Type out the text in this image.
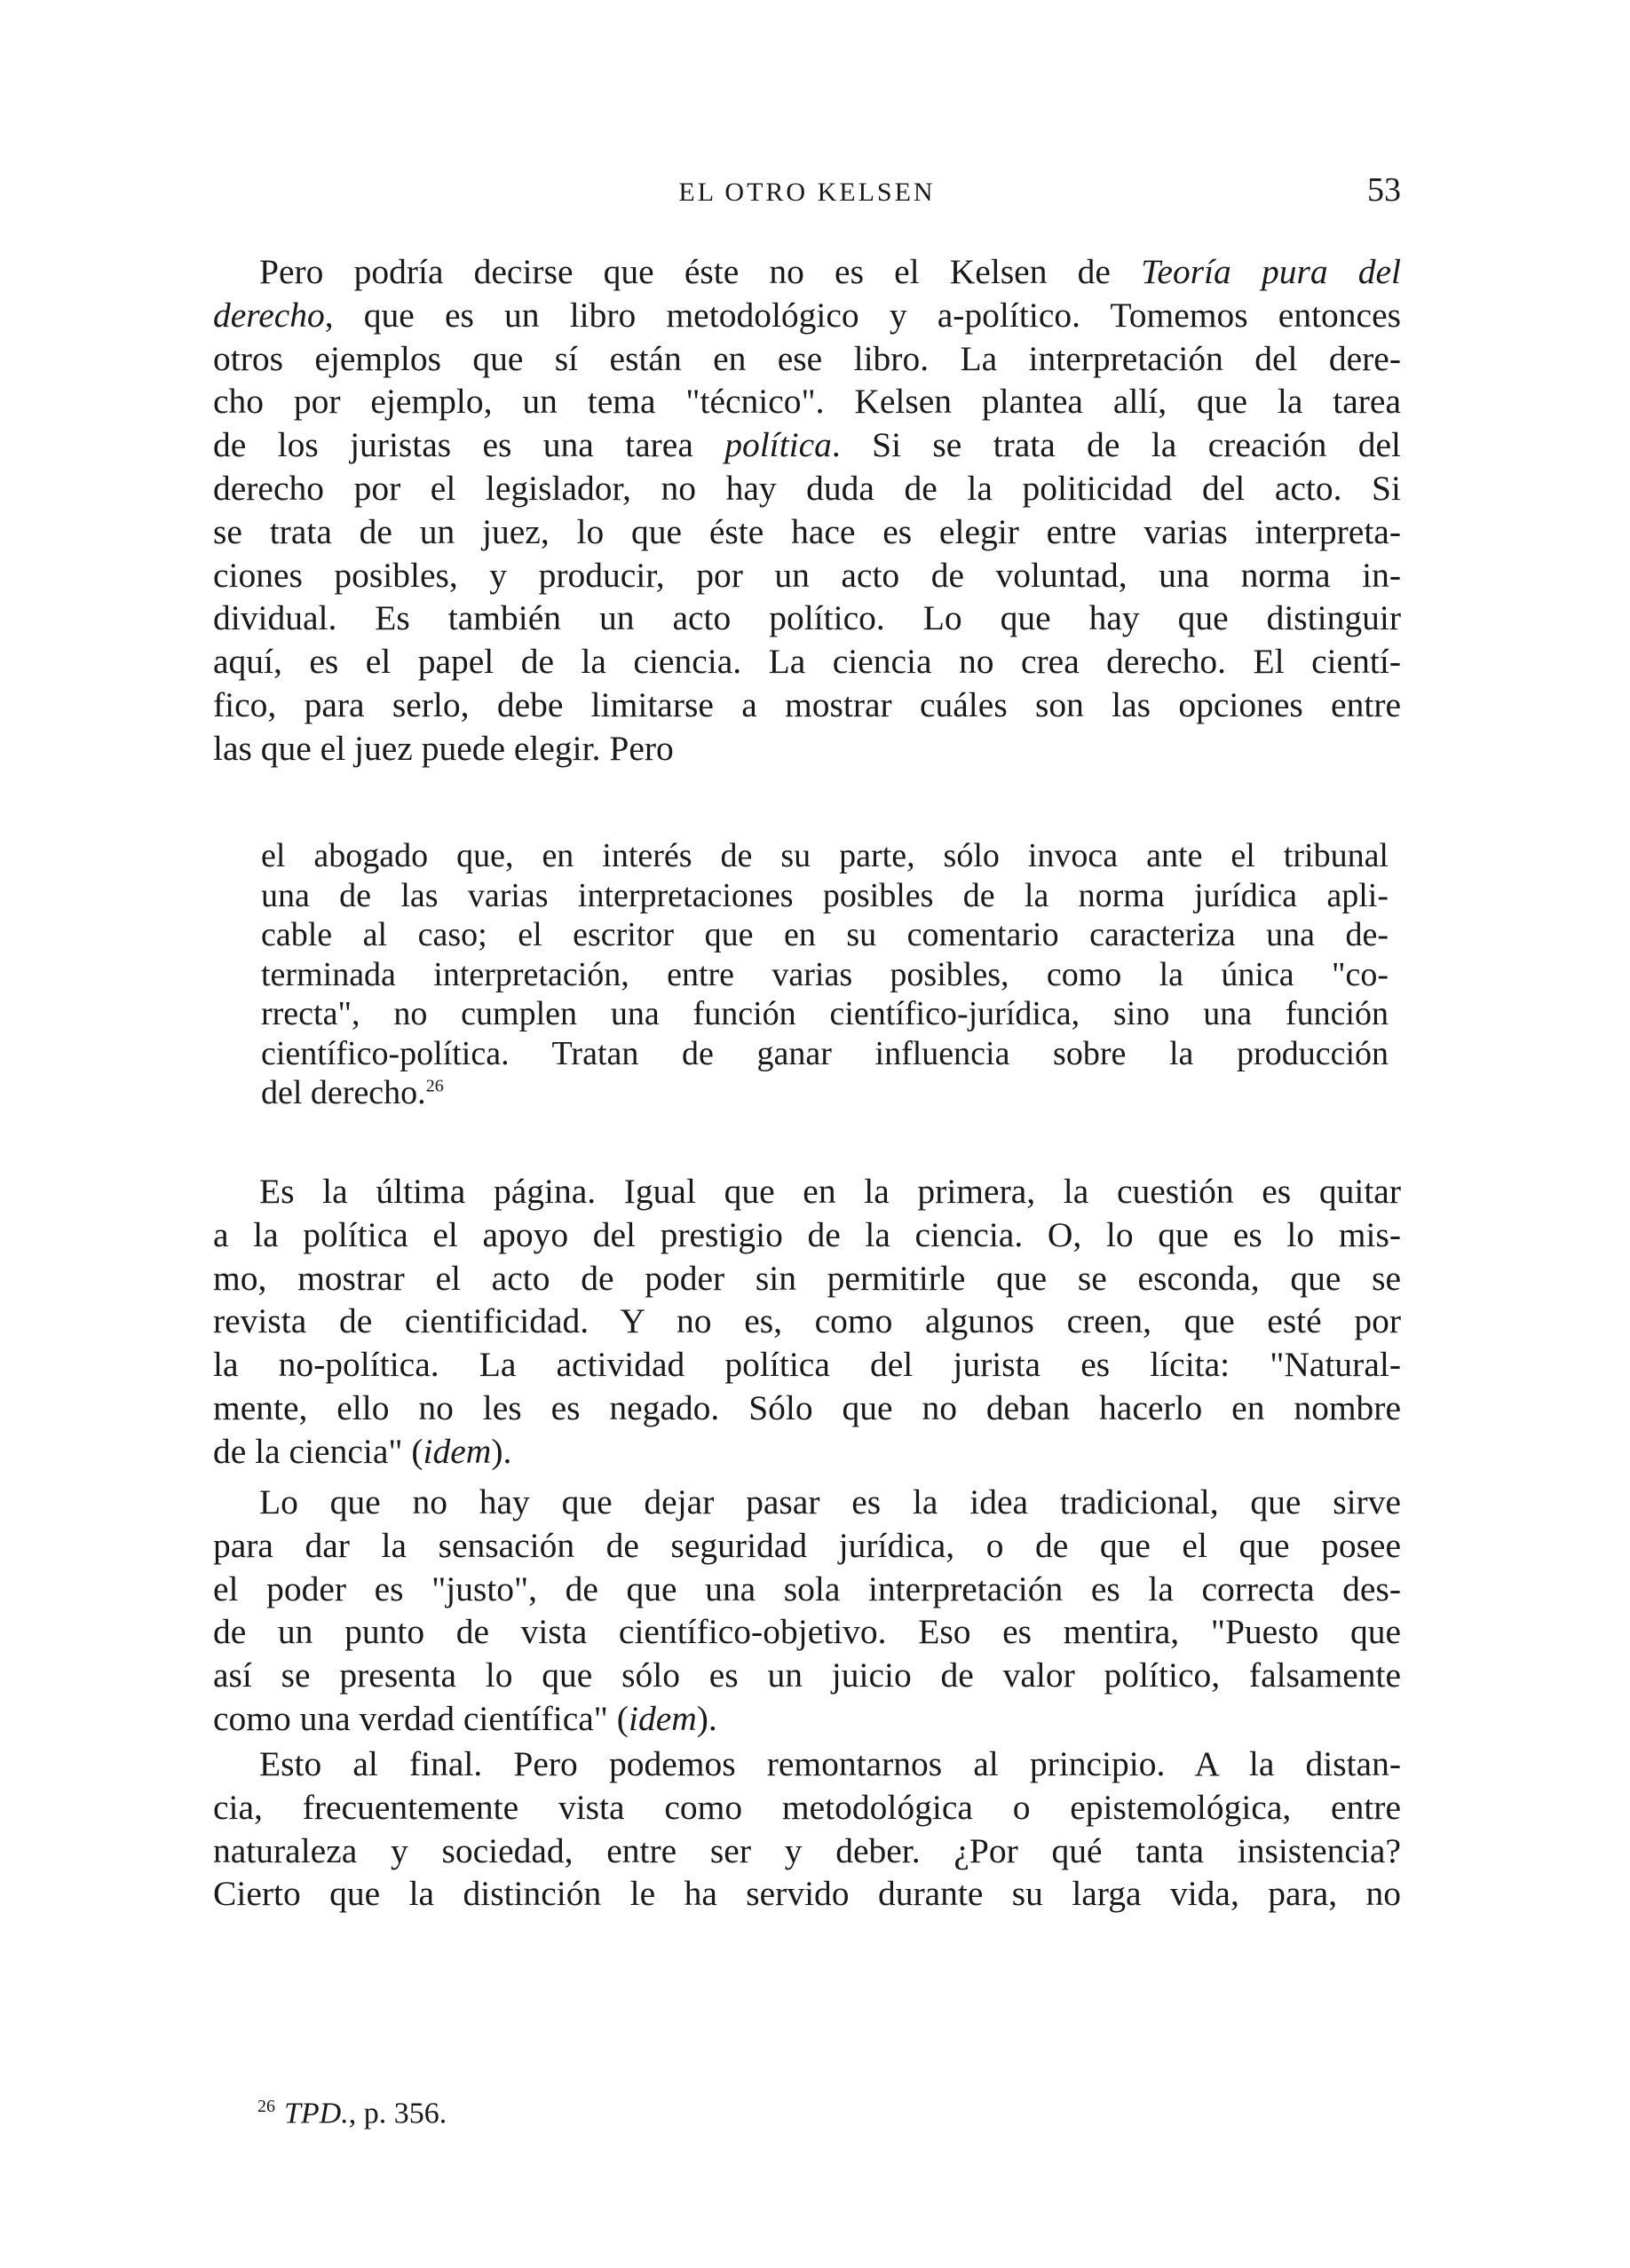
EL OTRO KELSEN	53
Pero podría decirse que éste no es el Kelsen de Teoría pura del
derecho, que es un libro metodológico y a-político. Tomemos entonces
otros ejemplos que sí están en ese libro. La interpretación del dere-
cho por ejemplo, un tema "técnico". Kelsen plantea allí, que la tarea
de los juristas es una tarea política. Si se trata de la creación del
derecho por el legislador, no hay duda de la politicidad del acto. Si
se trata de un juez, lo que éste hace es elegir entre varias interpreta-
ciones posibles, y producir, por un acto de voluntad, una norma in-
dividual. Es también un acto político. Lo que hay que distinguir
aquí, es el papel de la ciencia. La ciencia no crea derecho. El cientí-
fico, para serlo, debe limitarse a mostrar cuáles son las opciones entre
las que el juez puede elegir. Pero
el abogado que, en interés de su parte, sólo invoca ante el tribunal
una de las varias interpretaciones posibles de la norma jurídica apli-
cable al caso; el escritor que en su comentario caracteriza una de-
terminada interpretación, entre varias posibles, como la única "co-
rrecta", no cumplen una función científico-jurídica, sino una función
científico-política. Tratan de ganar influencia sobre la producción
del derecho.$^{26}$
Es la última página. Igual que en la primera, la cuestión es quitar
a la política el apoyo del prestigio de la ciencia. O, lo que es lo mis-
mo, mostrar el acto de poder sin permitirle que se esconda, que se
revista de cientificidad. Y no es, como algunos creen, que esté por
la no-política. La actividad política del jurista es lícita: "Natural-
mente, ello no les es negado. Sólo que no deban hacerlo en nombre
de la ciencia" (idem).
Lo que no hay que dejar pasar es la idea tradicional, que sirve
para dar la sensación de seguridad jurídica, o de que el que posee
el poder es "justo", de que una sola interpretación es la correcta des-
de un punto de vista científico-objetivo. Eso es mentira, "Puesto que
así se presenta lo que sólo es un juicio de valor político, falsamente
como una verdad científica" (idem).
Esto al final. Pero podemos remontarnos al principio. A la distan-
cia, frecuentemente vista como metodológica o epistemológica, entre
naturaleza y sociedad, entre ser y deber. ¿Por qué tanta insistencia?
Cierto que la distinción le ha servido durante su larga vida, para, no
$^{26}$ TPD., p. 356.
